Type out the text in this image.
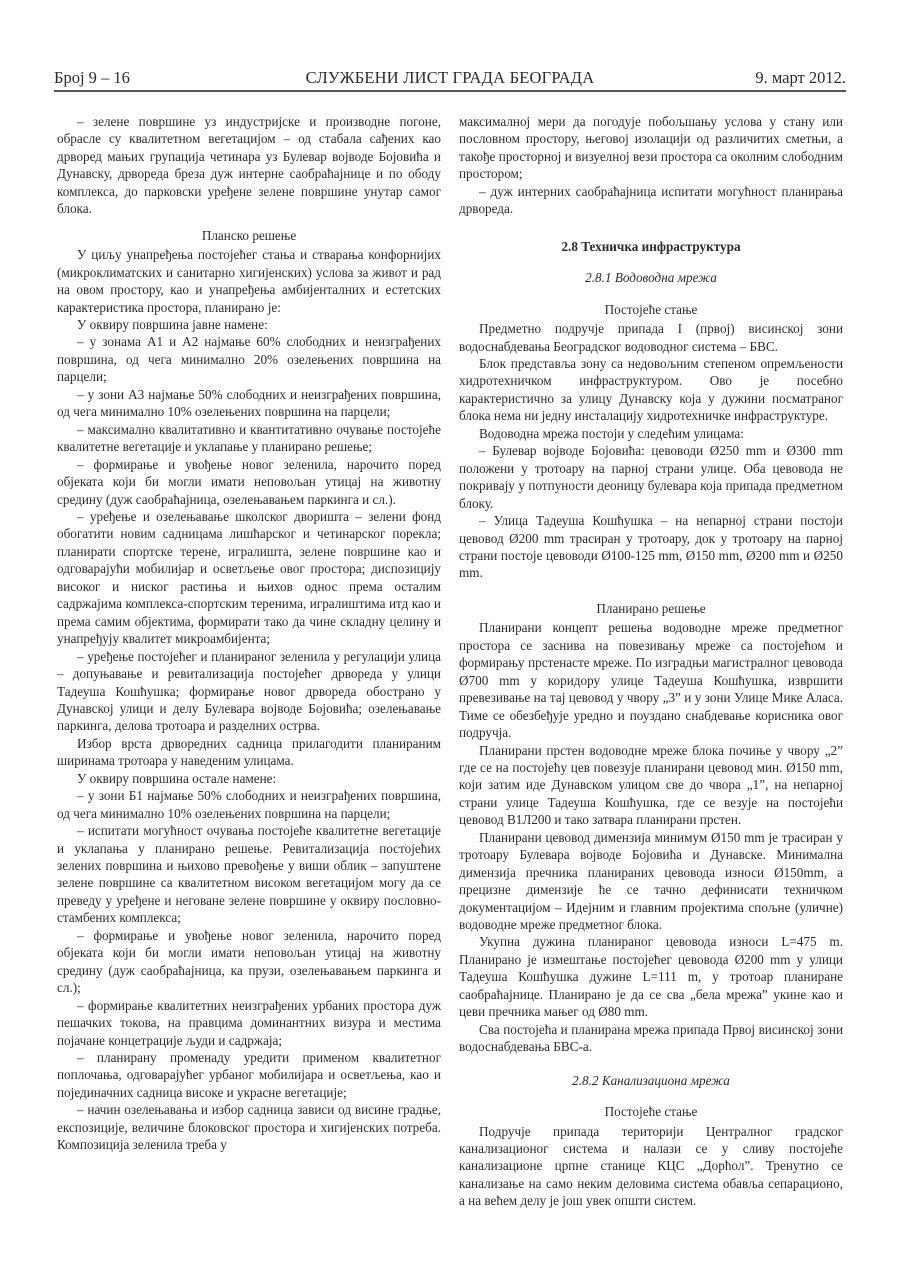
Број 9 – 16	СЛУЖБЕНИ ЛИСТ ГРАДА БЕОГРАДА	9. март 2012.

– зелене површине уз индустријске и производне погоне, обрасле су квалитетном вегетацијом – од стабала сађених као дрворед мањих групација четинара уз Булевар војводе Бојовића и Дунавску, дрвореда бреза дуж интерне саобраћајнице и по ободу комплекса, до парковски уређене зелене површине унутар самог блока.

Планско решење

У циљу унапређења постојећег стања и стварања конфорнијих (микроклиматских и санитарно хигијенских) услова за живот и рад на овом простору, као и унапређења амбијенталних и естетских карактеристика простора, планирано је:

У оквиру површина јавне намене:

– у зонама А1 и А2 најмање 60% слободних и неизграђених површина, од чега минимално 20% озелењених површина на парцели;

– у зони А3 најмање 50% слободних и неизграђених површина, од чега минимално 10% озелењених површина на парцели;

– максимално квалитативно и квантитативно очување постојеће квалитетне вегетације и уклапање у планирано решење;

– формирање и увођење новог зеленила, нарочито поред објеката који би могли имати неповољан утицај на животну средину (дуж саобраћајница, озелењавањем паркинга и сл.).

– уређење и озелењавање школског дворишта – зелени фонд обогатити новим садницама лишћарског и четинарског порекла; планирати спортске терене, игралишта, зелене површине као и одговарајући мобилијар и осветљење овог простора; диспозицију високог и ниског растиња и њихов однос према осталим садржајима комплекса-спортским теренима, игралиштима итд као и према самим објектима, формирати тако да чине складну целину и унапређују квалитет микроамбијента;

– уређење постојећег и планираног зеленила у регулацији улица – допуњавање и ревитализација постојећег дрвореда у улици Тадеуша Кошћушка; формирање новог дрвореда обострано у Дунавској улици и делу Булевара војводе Бојовића; озелењавање паркинга, делова тротоара и разделних острва.

Избор врста дрворедних садница прилагодити планираним ширинама тротоара у наведеним улицама.

У оквиру површина остале намене:

– у зони Б1 најмање 50% слободних и неизграђених површина, од чега минимално 10% озелењених површина на парцели;

– испитати могућност очувања постојеће квалитетне вегетације и уклапања у планирано решење. Ревитализација постојећих зелених површина и њихово превођење у виши облик – запуштене зелене површине са квалитетном високом вегетацијом могу да се преведу у уређене и неговане зелене површине у оквиру пословно-стамбених комплекса;

– формирање и увођење новог зеленила, нарочито поред објеката који би могли имати неповољан утицај на животну средину (дуж саобраћајница, ка прузи, озелењавањем паркинга и сл.);

– формирање квалитетних неизграђених урбаних простора дуж пешачких токова, на правцима доминантних визура и местима појачане концетрације људи и садржаја;

– планирану променаду уредити применом квалитетног поплочања, одговарајућег урбаног мобилијара и осветљења, као и појединачних садница високе и украсне вегетације;

– начин озелењавања и избор садница зависи од висине градње, експозиције, величине блоковског простора и хигијенских потреба. Композиција зеленила треба у

максималној мери да погодује побољшању услова у стану или пословном простору, његовој изолацији од различитих сметњи, а такође просторној и визуелној вези простора са околним слободним простором;

– дуж интерних саобраћајница испитати могућност планирања дрвореда.

2.8 Техничка инфраструктура

2.8.1 Водоводна мрежа

Постојеће стање

Предметно подручје припада I (првој) висинској зони водоснабдевања Београдског водоводног система – БВС.

Блок представља зону са недовољним степеном опремљености хидротехничком инфраструктуром. Ово је посебно карактеристично за улицу Дунавску која у дужини посматраног блока нема ни једну инсталацију хидротехничке инфраструктуре.

Водоводна мрежа постоји у следећим улицама:

– Булевар војводе Бојовића: цевоводи Ø250 mm и Ø300 mm положени у тротоару на парној страни улице. Оба цевовода не покривају у потпуности деоницу булевара која припада предметном блоку.

– Улица Тадеуша Кошћушка – на непарној страни постоји цевовод Ø200 mm трасиран у тротоару, док у тротоару на парној страни постоје цевоводи Ø100-125 mm, Ø150 mm, Ø200 mm и Ø250 mm.

Планирано решење

Планирани концепт решења водоводне мреже предметног простора се заснива на повезивању мреже са постојећом и формирању прстенасте мреже. По изградњи магистралног цевовода Ø700 mm у коридору улице Тадеуша Кошћушка, извршити превезивање на тај цевовод у чвору „3” и у зони Улице Мике Аласа. Тиме се обезбеђује уредно и поуздано снабдевање корисника овог подручја.

Планирани прстен водоводне мреже блока почиње у чвору „2” где се на постојећу цев повезује планирани цевовод мин. Ø150 mm, који затим иде Дунавском улицом све до чвора „1”, на непарној страни улице Тадеуша Кошћушка, где се везује на постојећи цевовод В1Л200 и тако затвара планирани прстен.

Планирани цевовод димензија минимум Ø150 mm је трасиран у тротоару Булевара војводе Бојовића и Дунавске. Минимална димензија пречника планираних цевовода износи Ø150mm, а прецизне димензије ће се тачно дефинисати техничком документацијом – Идејним и главним пројектима спољне (уличне) водоводне мреже предметног блока.

Укупна дужина планираног цевовода износи L=475 m. Планирано је измештање постојећег цевовода Ø200 mm у улици Тадеуша Кошћушка дужине L=111 m, у тротоар планиране саобраћајнице. Планирано је да се сва „бела мрежа” укине као и цеви пречника мањег од Ø80 mm.

Сва постојећа и планирана мрежа припада Првој висинској зони водоснабдевања БВС-а.

2.8.2 Канализациона мрежа

Постојеће стање

Подручје припада територији Централног градског канализационог система и налази се у сливу постојеће канализационе црпне станице КЦС „Дорћол”. Тренутно се канализање на само неким деловима система обавља сепарационо, а на већем делу је још увек општи систем.
